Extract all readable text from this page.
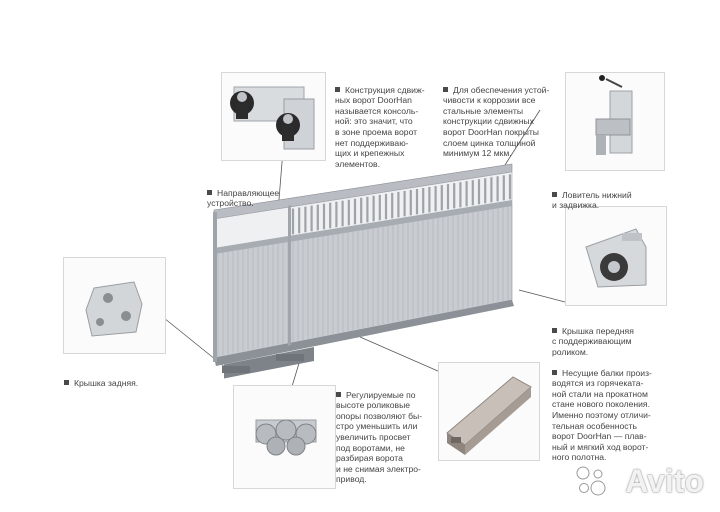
Конструкция сдвиж-
ных ворот DoorHan
называется консоль-
ной: это значит, что
в зоне проема ворот
нет поддерживаю-
щих и крепежных
элементов.

Для обеспечения устой-
чивости к коррозии все
стальные элементы
конструкции сдвижных
ворот DoorHan покрыты
слоем цинка толщиной
минимум 12 мкм.

Направляющее
устройство.

Ловитель нижний
и задвижка.

Крышка передняя
с поддерживающим
роликом.

Крышка задняя.

Регулируемые по
высоте роликовые
опоры позволяют бы-
стро уменьшить или
увеличить просвет
под воротами, не
разбирая ворота
и не снимая электро-
привод.

Несущие балки произ-
водятся из горячеката-
ной стали на прокатном
стане нового поколения.
Именно поэтому отличи-
тельная особенность
ворот DoorHan — плав-
ный и мягкий ход ворот-
ного полотна.

Avito
